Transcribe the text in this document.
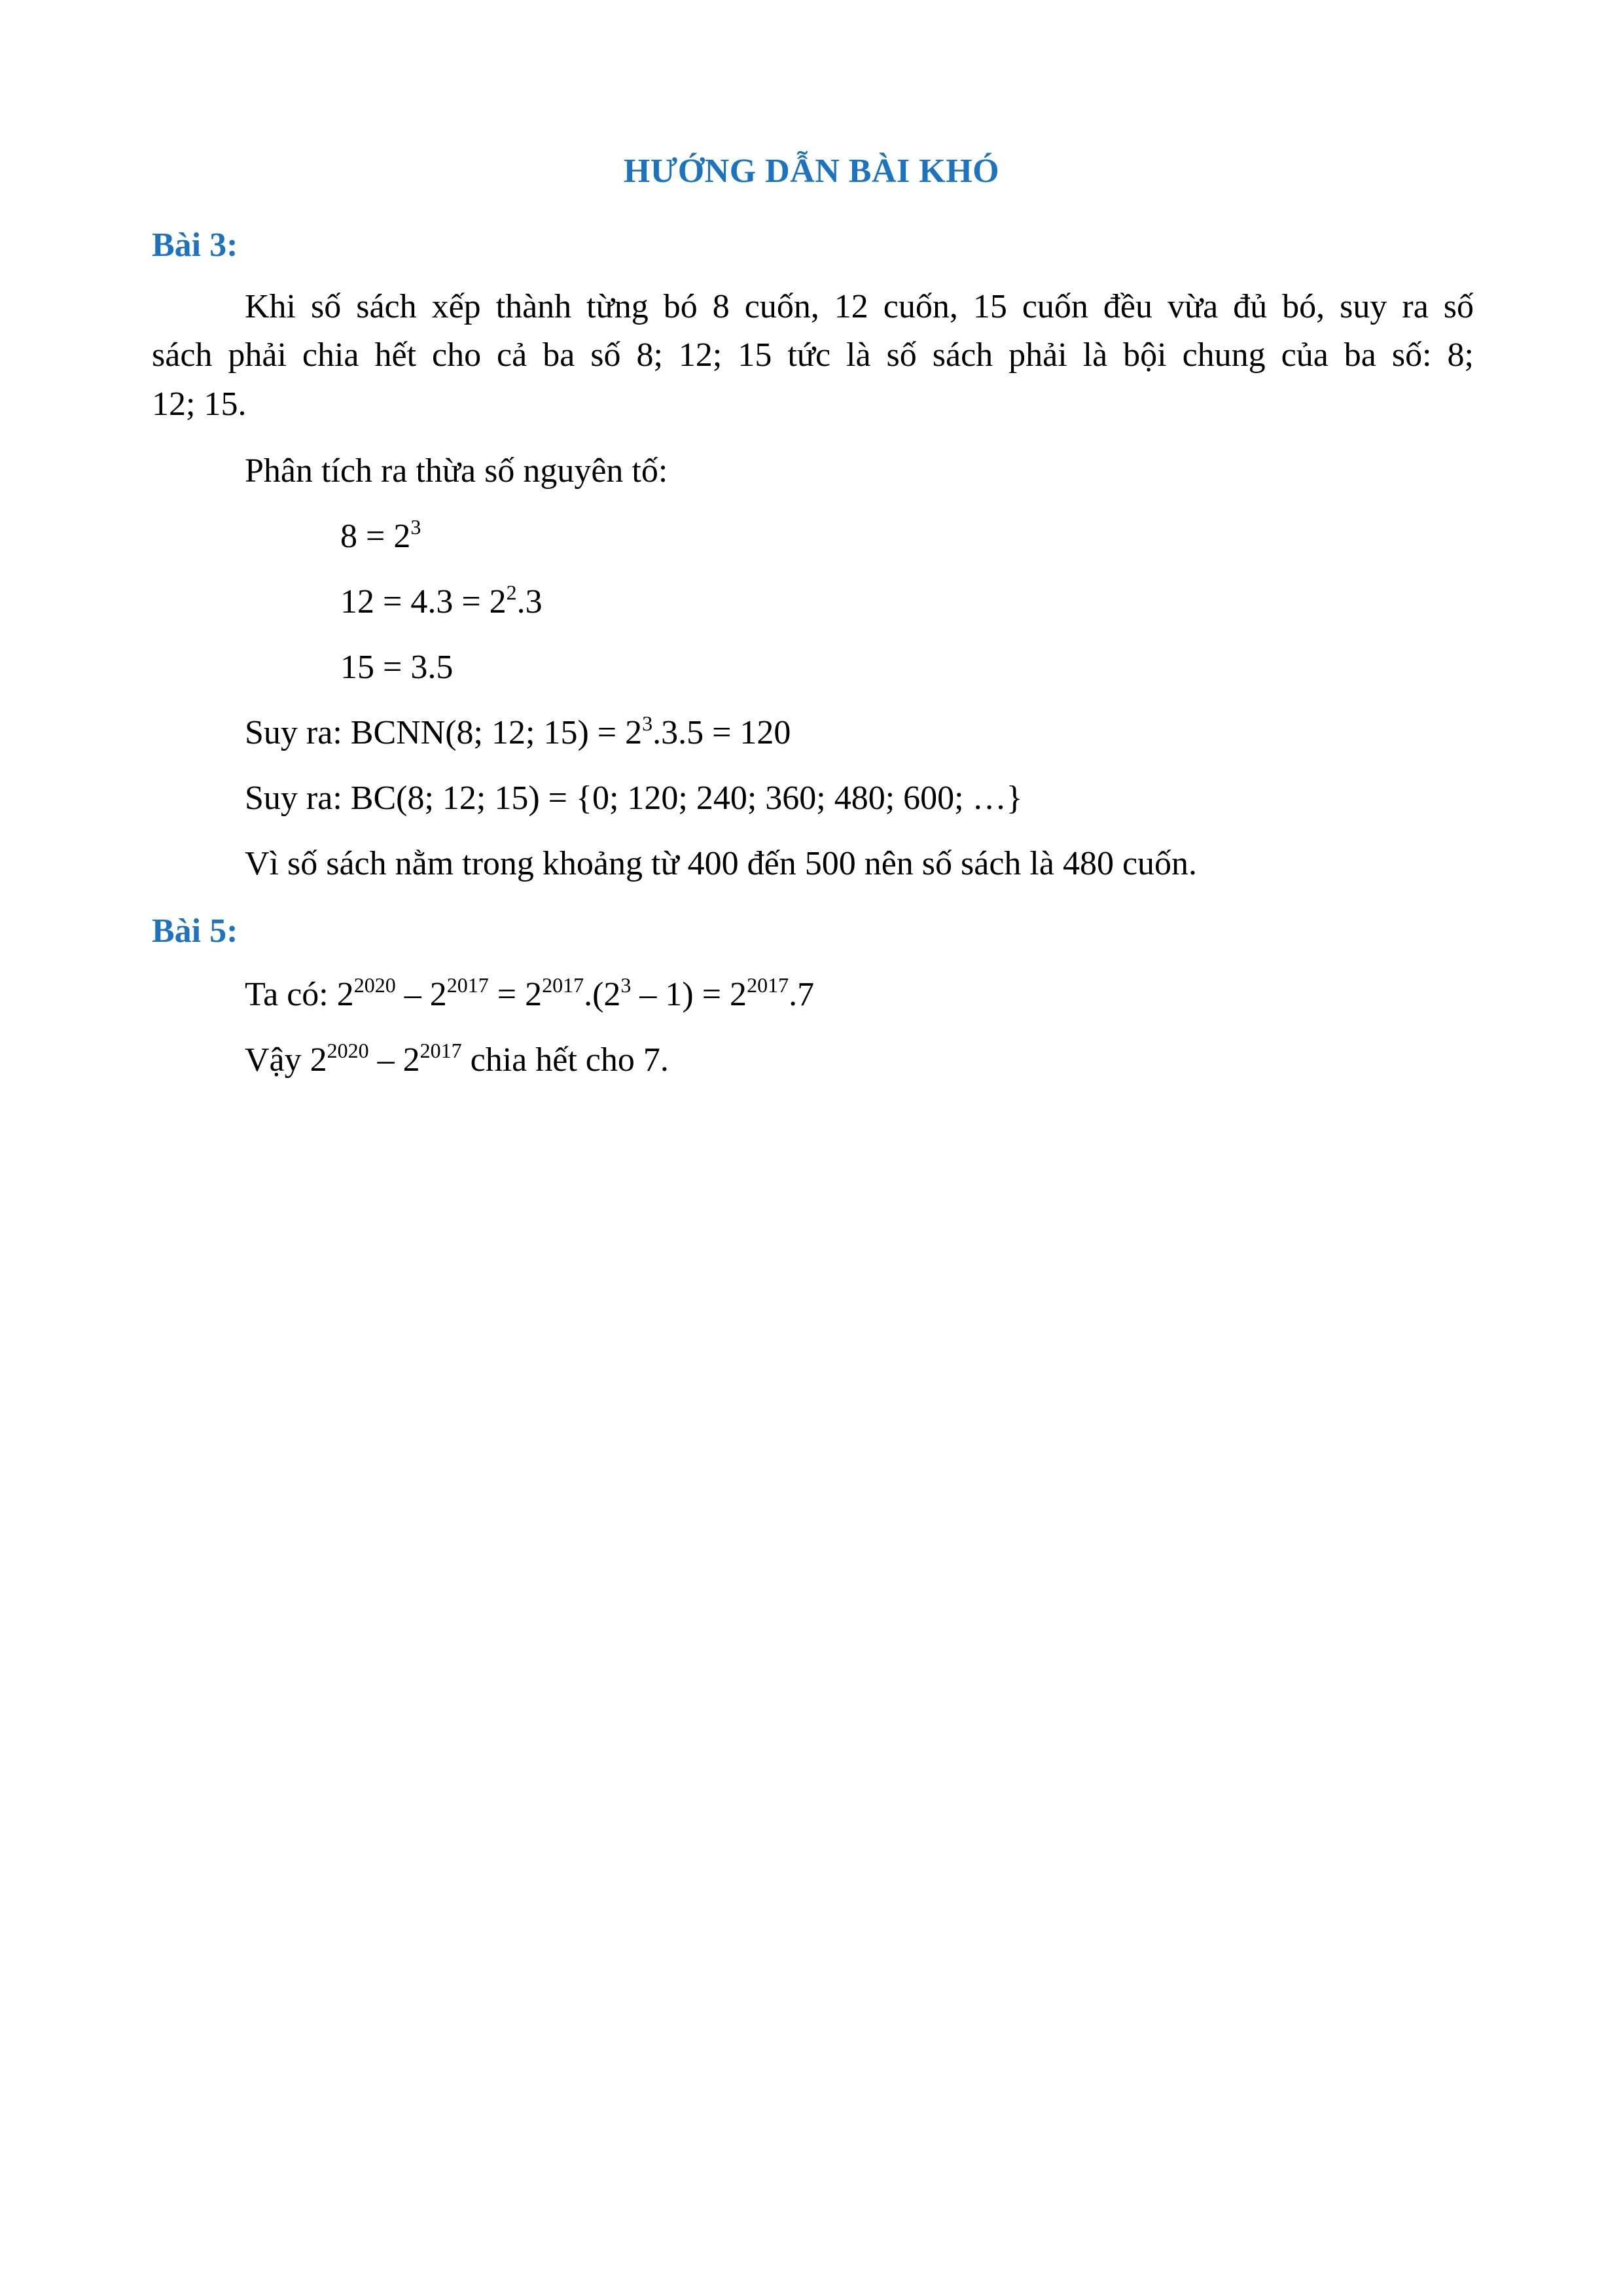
HƯỚNG DẪN BÀI KHÓ
Bài 3:
Khi số sách xếp thành từng bó 8 cuốn, 12 cuốn, 15 cuốn đều vừa đủ bó, suy ra số
sách phải chia hết cho cả ba số 8; 12; 15 tức là số sách phải là bội chung của ba số: 8;
12; 15.
Phân tích ra thừa số nguyên tố:
$8 = 2^3$
$12 = 4.3 = 2^2.3$
15 = 3.5
Suy ra: BCNN(8; 12; $15) = 2^3.3.5 = 120$
Suy ra: BC(8; 12; 15) = {0; 120; 240; 360; 480; 600; …}
Vì số sách nằm trong khoảng từ 400 đến 500 nên số sách là 480 cuốn.
Bài 5:
Ta có: $2^{2020} - 2^{2017} = 2^{2017}.(2^3 - 1) = 2^{2017}.7$
Vậy $2^{2020} - 2^{2017}$ chia hết cho 7.
